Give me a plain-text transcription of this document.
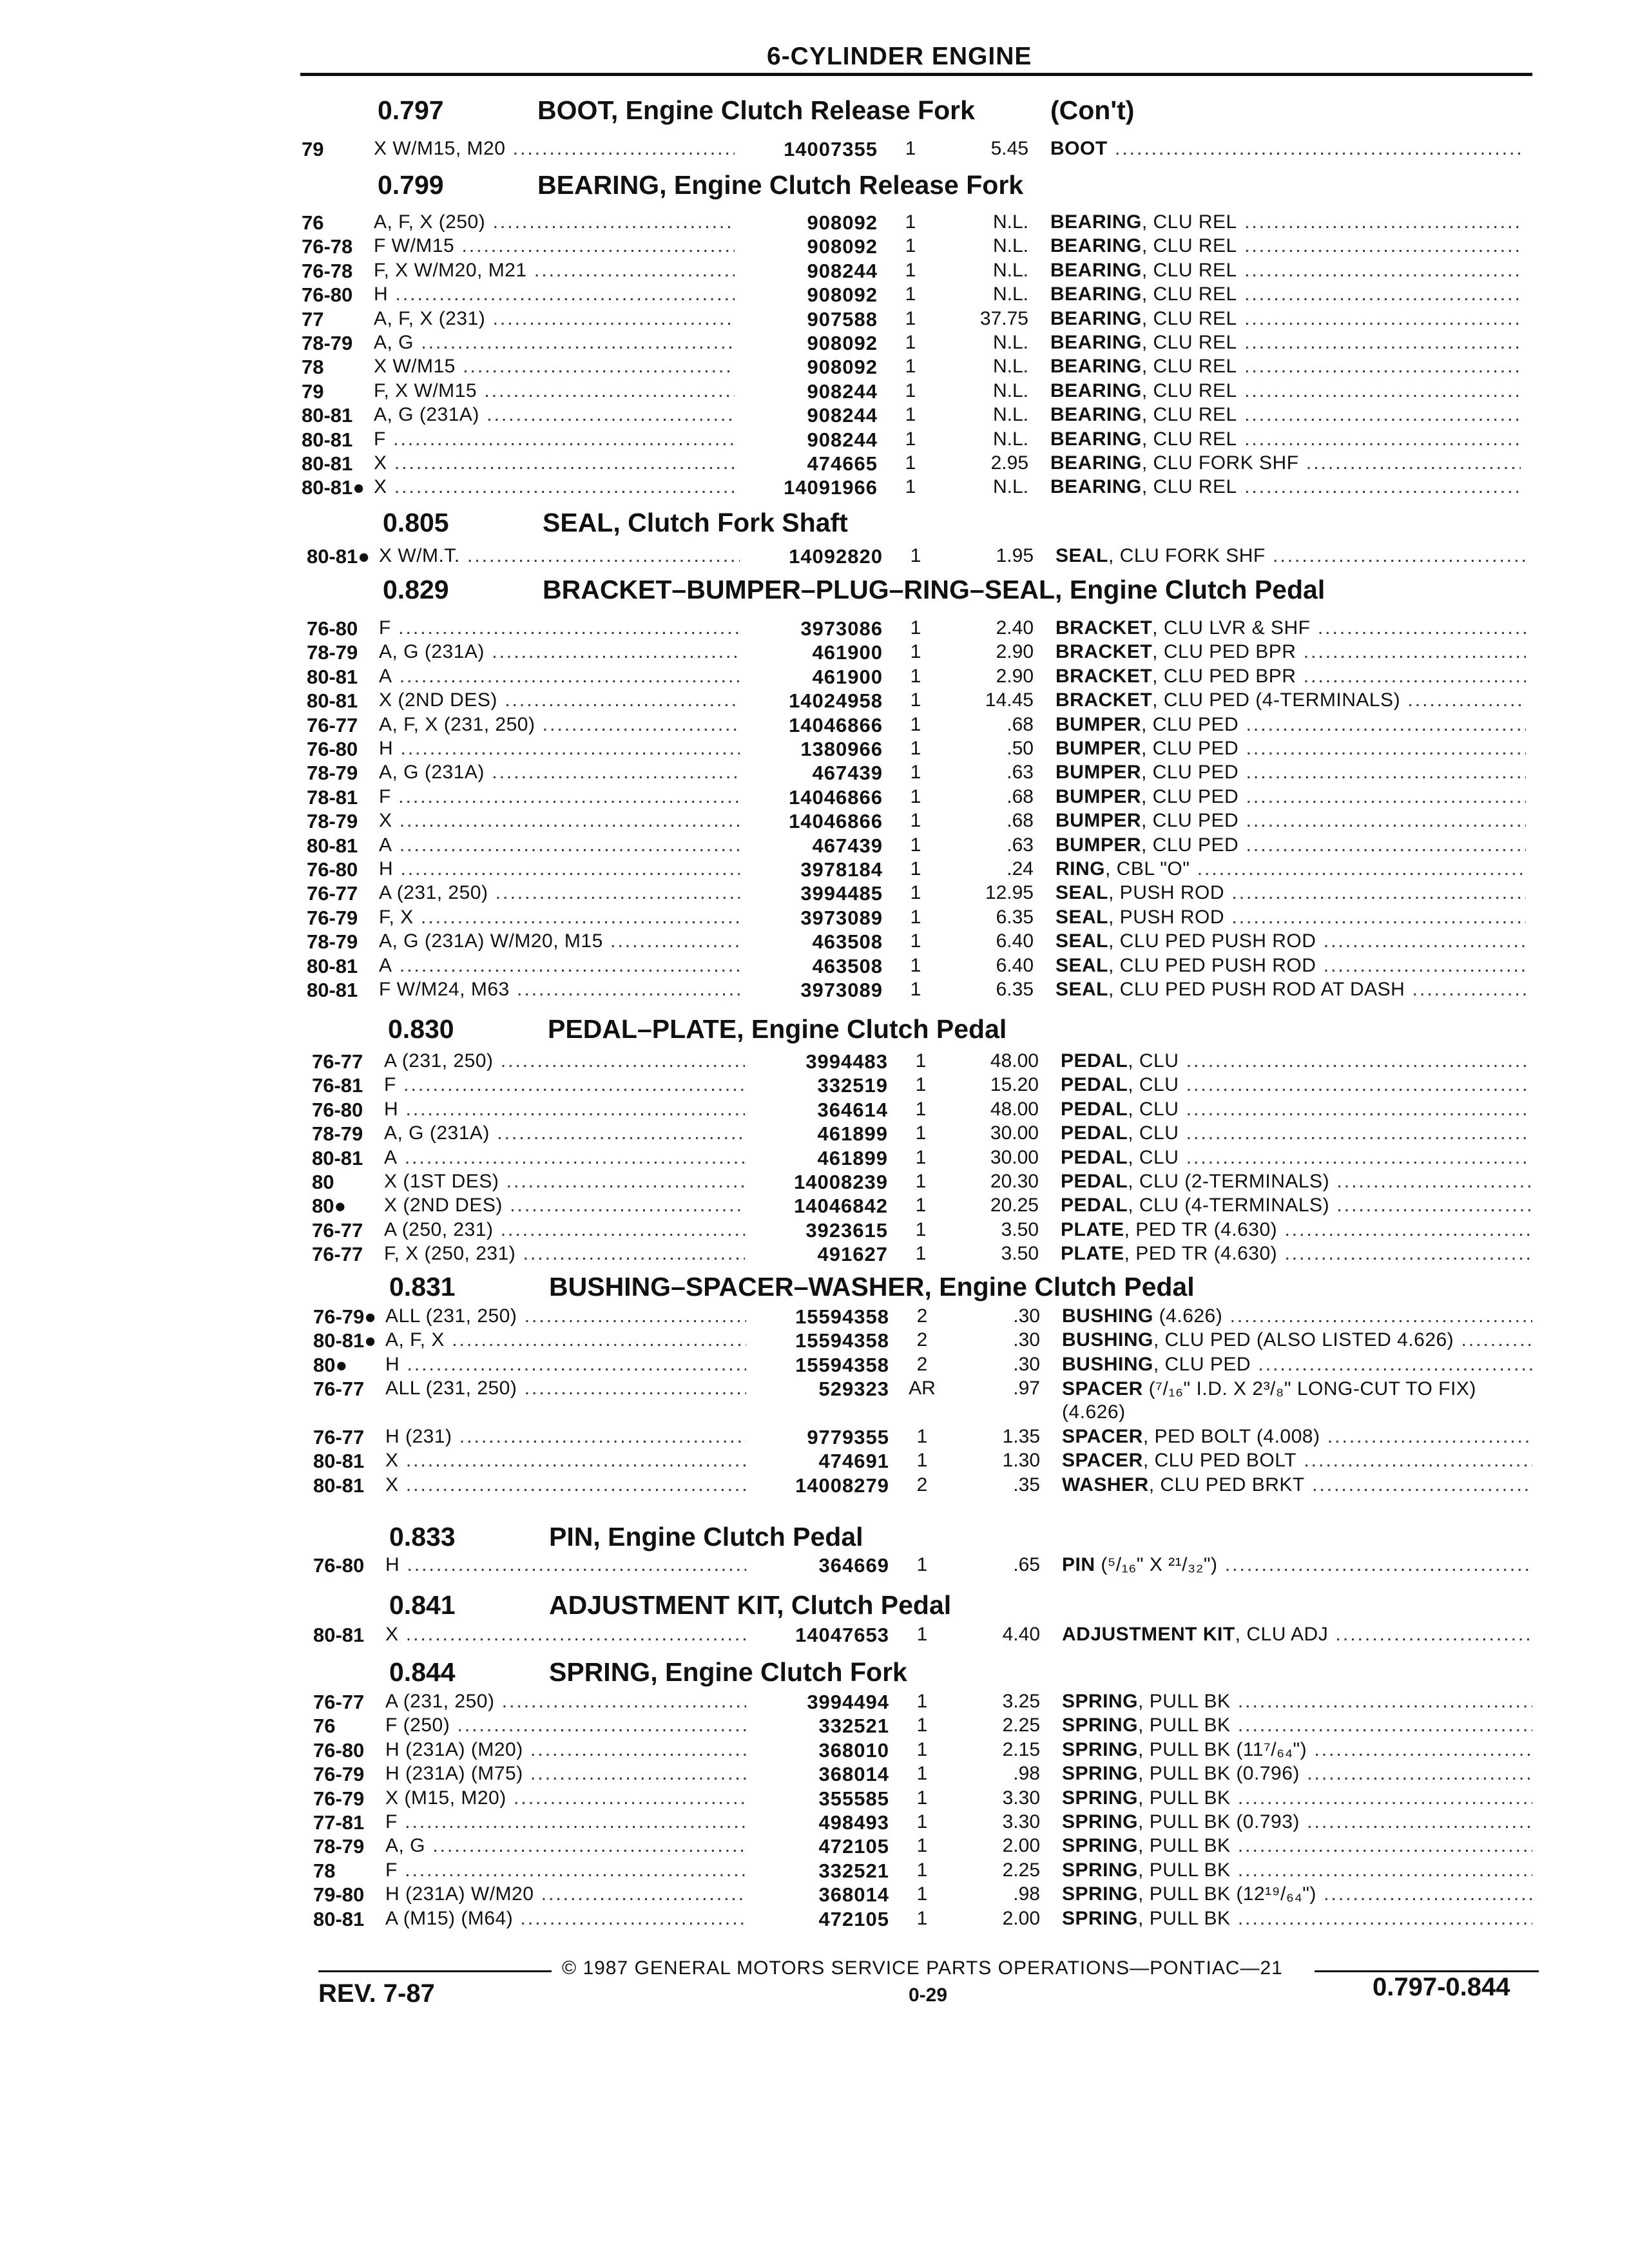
6-CYLINDER ENGINE
0.797	BOOT, Engine Clutch Release Fork	(Con't)
79	X W/M15, M20 .....	14007355	1	5.45 BOOT .....
0.799	BEARING, Engine Clutch Release Fork
76	A, F, X (250) .....	908092	1	N.L. BEARING, CLU REL .....
76-78 F W/M15 .....	908092	1	N.L. BEARING, CLU REL .....
76-78 F, X W/M20, M21 .....	908244	1	N.L. BEARING, CLU REL .....
76-80 H .....	908092	1	N.L. BEARING, CLU REL .....
77	A, F, X (231) .....	907588	1	37.75 BEARING, CLU REL .....
78-79 A, G .....	908092	1	N.L. BEARING, CLU REL .....
78	X W/M15 .....	908092	1	N.L. BEARING, CLU REL .....
79	F, X W/M15 .....	908244	1	N.L. BEARING, CLU REL .....
80-81 A, G (231A) .....	908244	1	N.L. BEARING, CLU REL .....
80-81 F .....	908244	1	N.L. BEARING, CLU REL .....
80-81 X .....	474665	1	2.95 BEARING, CLU FORK SHF .....
80-81● X .....	14091966	1	N.L. BEARING, CLU REL .....
0.805	SEAL, Clutch Fork Shaft
80-81● X W/M.T. .....	14092820	1	1.95 SEAL, CLU FORK SHF .....
0.829	BRACKET–BUMPER–PLUG–RING–SEAL, Engine Clutch Pedal
76-80 F .....	3973086	1	2.40 BRACKET, CLU LVR & SHF .....
78-79 A, G (231A) .....	461900	1	2.90 BRACKET, CLU PED BPR .....
80-81 A .....	461900	1	2.90 BRACKET, CLU PED BPR .....
80-81 X (2ND DES) .....	14024958	1	14.45 BRACKET, CLU PED (4-TERMINALS) .....
76-77 A, F, X (231, 250) .....	14046866	1	.68 BUMPER, CLU PED .....
76-80 H .....	1380966	1	.50 BUMPER, CLU PED .....
78-79 A, G (231A) .....	467439	1	.63 BUMPER, CLU PED .....
78-81 F .....	14046866	1	.68 BUMPER, CLU PED .....
78-79 X .....	14046866	1	.68 BUMPER, CLU PED .....
80-81 A .....	467439	1	.63 BUMPER, CLU PED .....
76-80 H .....	3978184	1	.24 RING, CBL "O" .....
76-77 A (231, 250) .....	3994485	1	12.95 SEAL, PUSH ROD .....
76-79 F, X .....	3973089	1	6.35 SEAL, PUSH ROD .....
78-79 A, G (231A) W/M20, M15 .....	463508	1	6.40 SEAL, CLU PED PUSH ROD .....
80-81 A .....	463508	1	6.40 SEAL, CLU PED PUSH ROD .....
80-81 F W/M24, M63 .....	3973089	1	6.35 SEAL, CLU PED PUSH ROD AT DASH .....
0.830	PEDAL–PLATE, Engine Clutch Pedal
76-77 A (231, 250) .....	3994483	1	48.00 PEDAL, CLU .....
76-81 F .....	332519	1	15.20 PEDAL, CLU .....
76-80 H .....	364614	1	48.00 PEDAL, CLU .....
78-79 A, G (231A) .....	461899	1	30.00 PEDAL, CLU .....
80-81 A .....	461899	1	30.00 PEDAL, CLU .....
80	X (1ST DES) .....	14008239	1	20.30 PEDAL, CLU (2-TERMINALS) .....
80● X (2ND DES) .....	14046842	1	20.25 PEDAL, CLU (4-TERMINALS) .....
76-77 A (250, 231) .....	3923615	1	3.50 PLATE, PED TR (4.630) .....
76-77 F, X (250, 231) .....	491627	1	3.50 PLATE, PED TR (4.630) .....
0.831	BUSHING–SPACER–WASHER, Engine Clutch Pedal
76-79● ALL (231, 250) .....	15594358	2	.30 BUSHING (4.626) .....
80-81● A, F, X .....	15594358	2	.30 BUSHING, CLU PED (ALSO LISTED 4.626) .....
80● H .....	15594358	2	.30 BUSHING, CLU PED .....
76-77 ALL (231, 250) .....	529323	AR	.97 SPACER (⁷/₁₆" I.D. X 2³/₈" LONG-CUT TO FIX) (4.626)
76-77 H (231) .....	9779355	1	1.35 SPACER, PED BOLT (4.008) .....
80-81 X .....	474691	1	1.30 SPACER, CLU PED BOLT .....
80-81 X .....	14008279	2	.35 WASHER, CLU PED BRKT .....
0.833	PIN, Engine Clutch Pedal
76-80 H .....	364669	1	.65 PIN (⁵/₁₆" X ²¹/₃₂") .....
0.841	ADJUSTMENT KIT, Clutch Pedal
80-81 X .....	14047653	1	4.40 ADJUSTMENT KIT, CLU ADJ .....
0.844	SPRING, Engine Clutch Fork
76-77 A (231, 250) .....	3994494	1	3.25 SPRING, PULL BK .....
76	F (250) .....	332521	1	2.25 SPRING, PULL BK .....
76-80 H (231A) (M20) .....	368010	1	2.15 SPRING, PULL BK (11⁷/₆₄") .....
76-79 H (231A) (M75) .....	368014	1	.98 SPRING, PULL BK (0.796) .....
76-79 X (M15, M20) .....	355585	1	3.30 SPRING, PULL BK .....
77-81 F .....	498493	1	3.30 SPRING, PULL BK (0.793) .....
78-79 A, G .....	472105	1	2.00 SPRING, PULL BK .....
78	F .....	332521	1	2.25 SPRING, PULL BK .....
79-80 H (231A) W/M20 .....	368014	1	.98 SPRING, PULL BK (12¹⁹/₆₄") .....
80-81 A (M15) (M64) .....	472105	1	2.00 SPRING, PULL BK .....
© 1987 GENERAL MOTORS SERVICE PARTS OPERATIONS—PONTIAC—21
REV. 7-87	0-29	0.797-0.844
